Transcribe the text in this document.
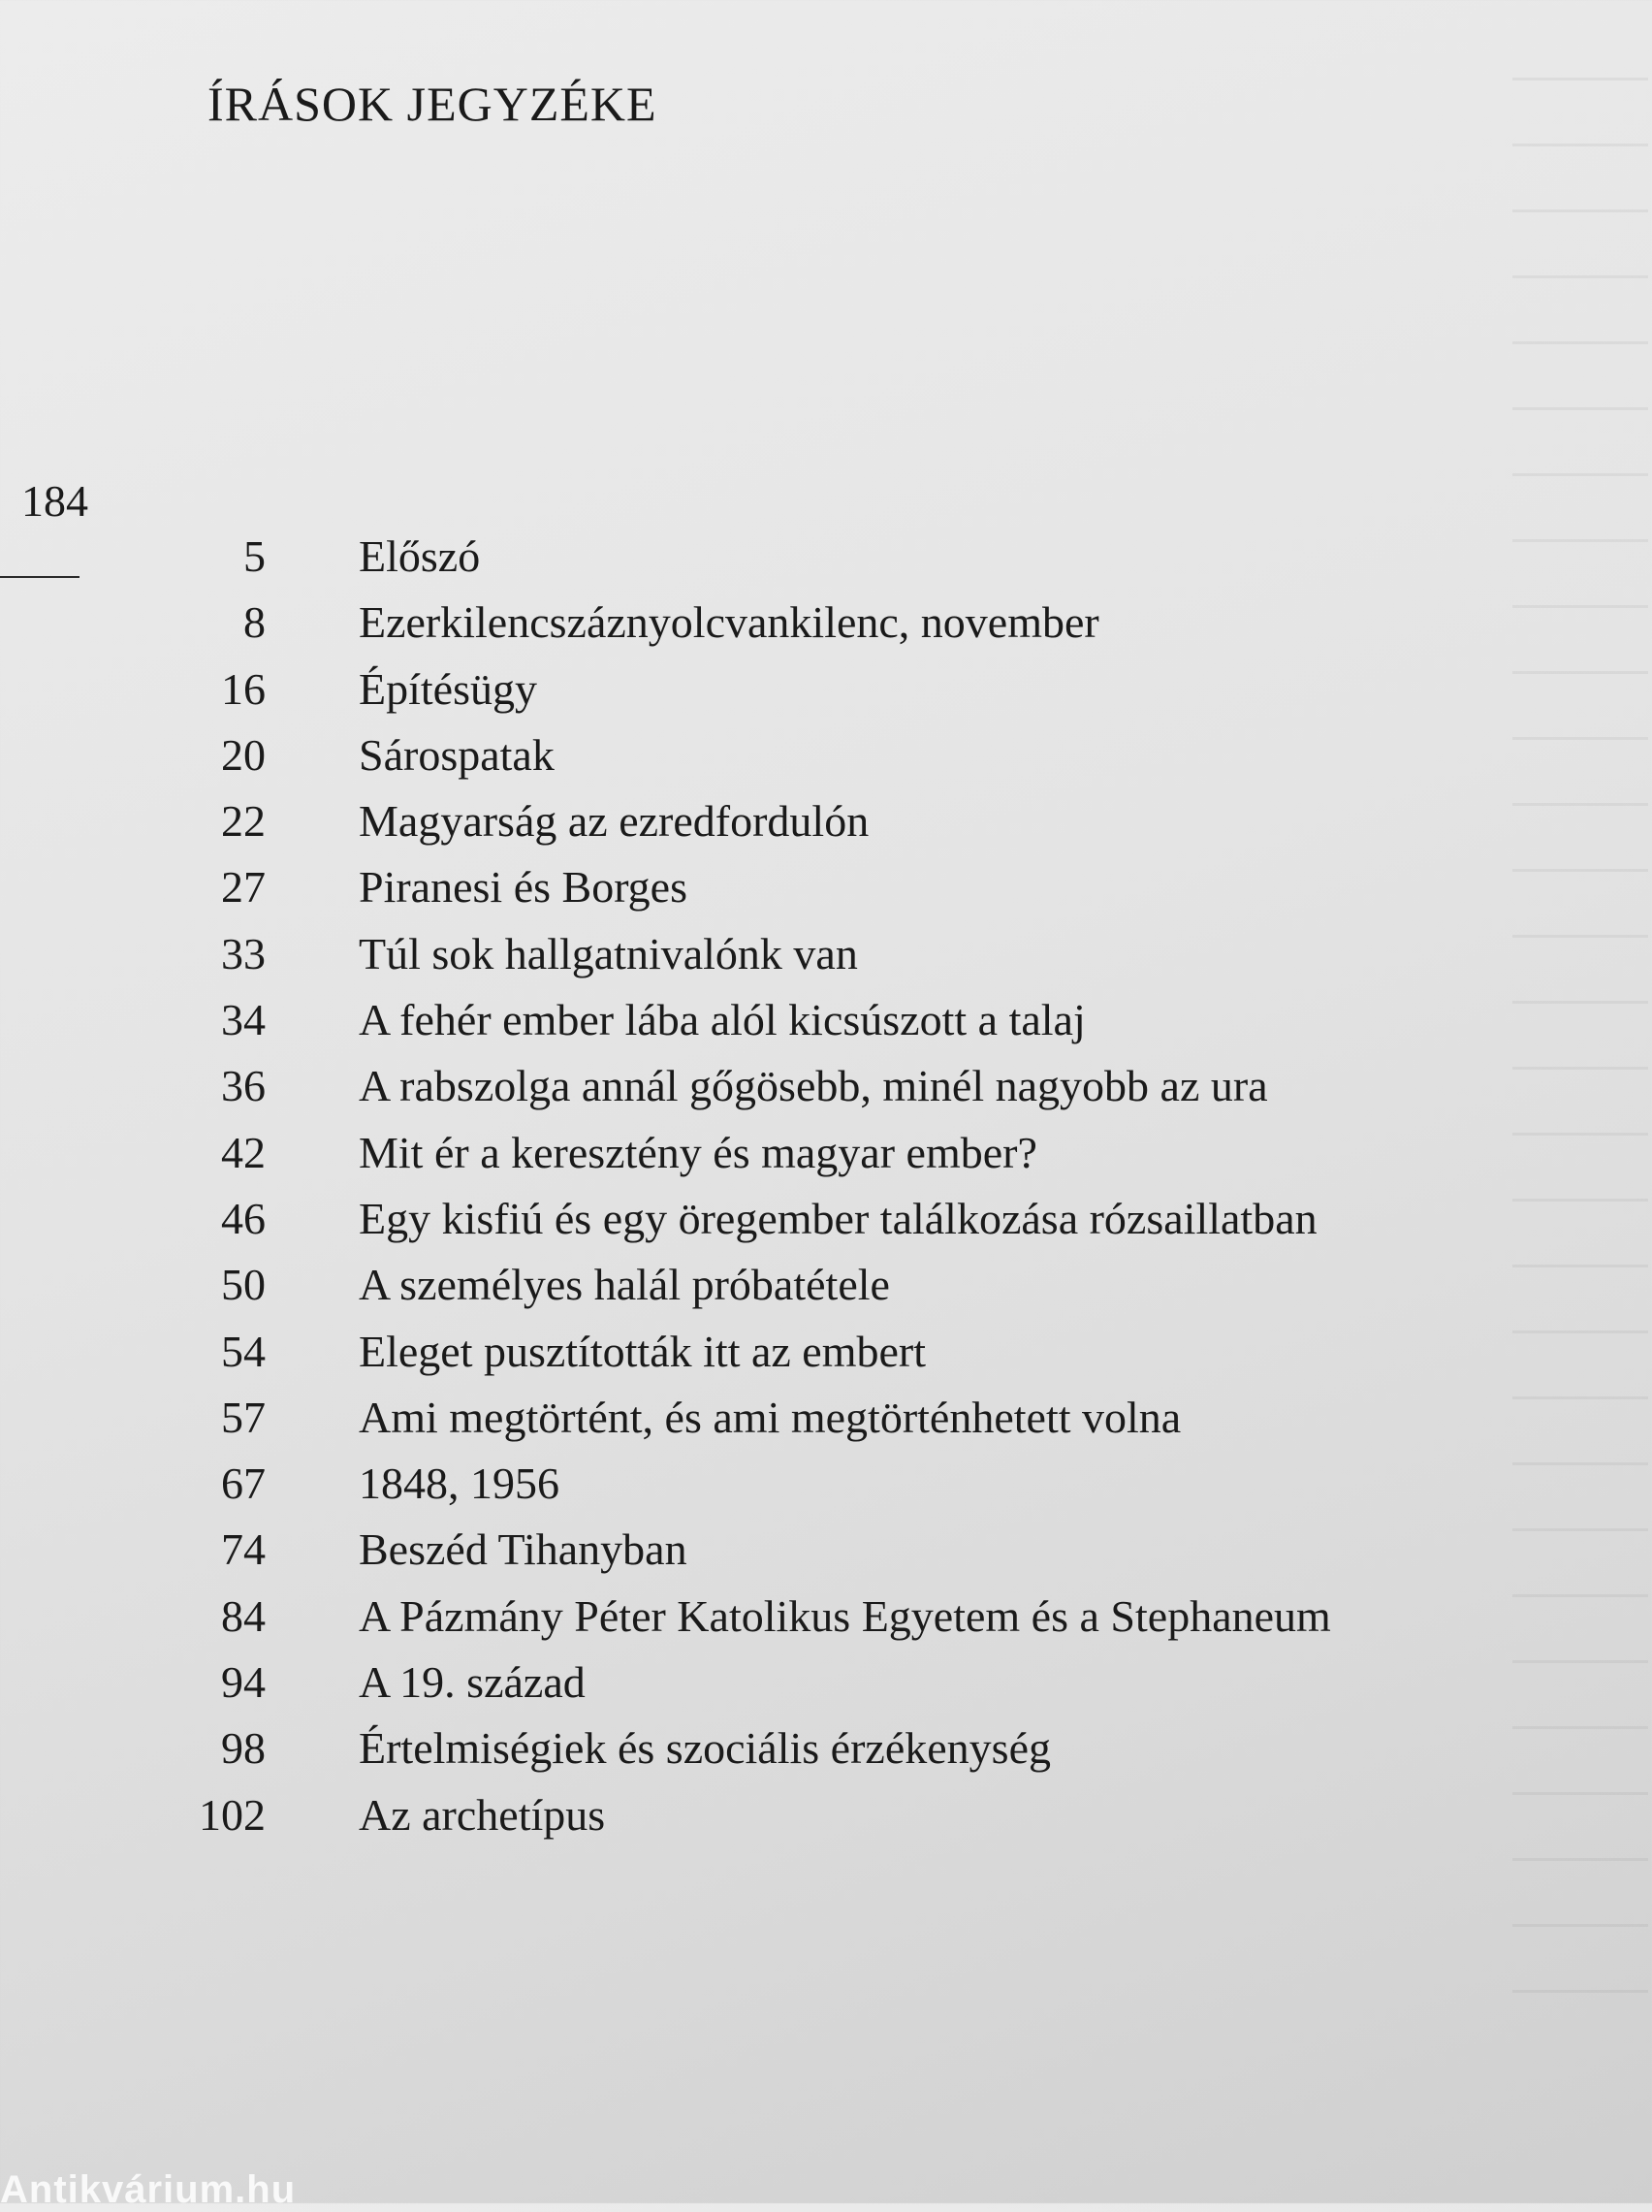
ÍRÁSOK JEGYZÉKE
184
5 Előszó
8 Ezerkilencszáznyolcvankilenc, november
16 Építésügy
20 Sárospatak
22 Magyarság az ezredfordulón
27 Piranesi és Borges
33 Túl sok hallgatnivalónk van
34 A fehér ember lába alól kicsúszott a talaj
36 A rabszolga annál gőgösebb, minél nagyobb az ura
42 Mit ér a keresztény és magyar ember?
46 Egy kisfiú és egy öregember találkozása rózsaillatban
50 A személyes halál próbatétele
54 Eleget pusztították itt az embert
57 Ami megtörtént, és ami megtörténhetett volna
67 1848, 1956
74 Beszéd Tihanyban
84 A Pázmány Péter Katolikus Egyetem és a Stephaneum
94 A 19. század
98 Értelmiségiek és szociális érzékenység
102 Az archetípus
Antikvárium.hu
